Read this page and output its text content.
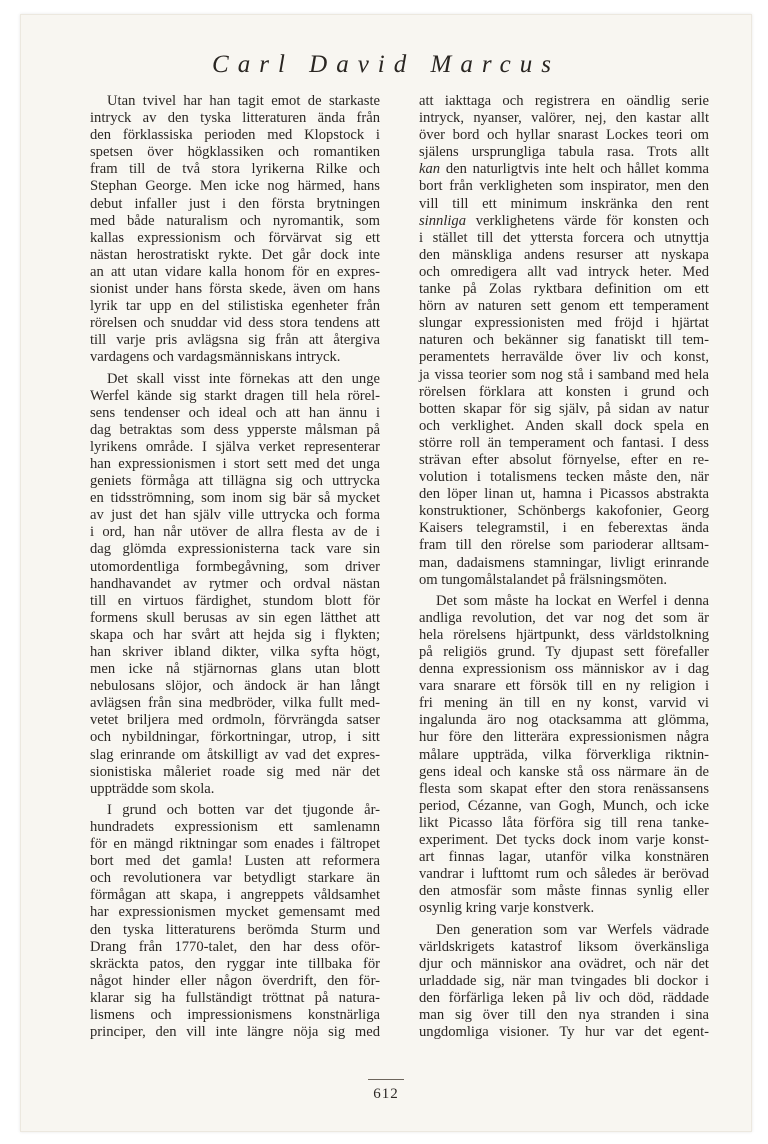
Carl David Marcus
Utan tvivel har han tagit emot de starkaste
intryck av den tyska litteraturen ända från
den förklassiska perioden med Klopstock i
spetsen över högklassiken och romantiken
fram till de två stora lyrikerna Rilke och
Stephan George. Men icke nog härmed, hans
debut infaller just i den första brytningen
med både naturalism och nyromantik, som
kallas expressionism och förvärvat sig ett
nästan herostratiskt rykte. Det går dock inte
an att utan vidare kalla honom för en expres-
sionist under hans första skede, även om hans
lyrik tar upp en del stilistiska egenheter från
rörelsen och snuddar vid dess stora tendens att
till varje pris avlägsna sig från att återgiva
vardagens och vardagsmänniskans intryck.
Det skall visst inte förnekas att den unge
Werfel kände sig starkt dragen till hela rörel-
sens tendenser och ideal och att han ännu i
dag betraktas som dess ypperste målsman på
lyrikens område. I själva verket representerar
han expressionismen i stort sett med det unga
geniets förmåga att tillägna sig och uttrycka
en tidsströmning, som inom sig bär så mycket
av just det han själv ville uttrycka och forma
i ord, han når utöver de allra flesta av de i
dag glömda expressionisterna tack vare sin
utomordentliga formbegåvning, som driver
handhavandet av rytmer och ordval nästan
till en virtuos färdighet, stundom blott för
formens skull berusas av sin egen lätthet att
skapa och har svårt att hejda sig i flykten;
han skriver ibland dikter, vilka syfta högt,
men icke nå stjärnornas glans utan blott
nebulosans slöjor, och ändock är han långt
avlägsen från sina medbröder, vilka fullt med-
vetet briljera med ordmoln, förvrängda satser
och nybildningar, förkortningar, utrop, i sitt
slag erinrande om åtskilligt av vad det expres-
sionistiska måleriet roade sig med när det
uppträdde som skola.
I grund och botten var det tjugonde år-
hundradets expressionism ett samlenamn
för en mängd riktningar som enades i fältropet
bort med det gamla! Lusten att reformera
och revolutionera var betydligt starkare än
förmågan att skapa, i angreppets våldsamhet
har expressionismen mycket gemensamt med
den tyska litteraturens berömda Sturm und
Drang från 1770-talet, den har dess oför-
skräckta patos, den ryggar inte tillbaka för
något hinder eller någon överdrift, den för-
klarar sig ha fullständigt tröttnat på natura-
lismens och impressionismens konstnärliga
principer, den vill inte längre nöja sig med
att iakttaga och registrera en oändlig serie
intryck, nyanser, valörer, nej, den kastar allt
över bord och hyllar snarast Lockes teori om
själens ursprungliga tabula rasa. Trots allt
kan den naturligtvis inte helt och hållet komma
bort från verkligheten som inspirator, men den
vill till ett minimum inskränka den rent
sinnliga verklighetens värde för konsten och
i stället till det yttersta forcera och utnyttja
den mänskliga andens resurser att nyskapa
och omredigera allt vad intryck heter. Med
tanke på Zolas ryktbara definition om ett
hörn av naturen sett genom ett temperament
slungar expressionisten med fröjd i hjärtat
naturen och bekänner sig fanatiskt till tem-
peramentets herravälde över liv och konst,
ja vissa teorier som nog stå i samband med hela
rörelsen förklara att konsten i grund och
botten skapar för sig själv, på sidan av natur
och verklighet. Anden skall dock spela en
större roll än temperament och fantasi. I dess
strävan efter absolut förnyelse, efter en re-
volution i totalismens tecken måste den, när
den löper linan ut, hamna i Picassos abstrakta
konstruktioner, Schönbergs kakofonier, Georg
Kaisers telegramstil, i en feberextas ända
fram till den rörelse som parioderar alltsam-
man, dadaismens stamningar, livligt erinrande
om tungomålstalandet på frälsningsmöten.
Det som måste ha lockat en Werfel i denna
andliga revolution, det var nog det som är
hela rörelsens hjärtpunkt, dess världstolkning
på religiös grund. Ty djupast sett förefaller
denna expressionism oss människor av i dag
vara snarare ett försök till en ny religion i
fri mening än till en ny konst, varvid vi
ingalunda äro nog otacksamma att glömma,
hur före den litterära expressionismen några
målare uppträda, vilka förverkliga riktnin-
gens ideal och kanske stå oss närmare än de
flesta som skapat efter den stora renässansens
period, Cézanne, van Gogh, Munch, och icke
likt Picasso låta förföra sig till rena tanke-
experiment. Det tycks dock inom varje konst-
art finnas lagar, utanför vilka konstnären
vandrar i lufttomt rum och således är berövad
den atmosfär som måste finnas synlig eller
osynlig kring varje konstverk.
Den generation som var Werfels vädrade
världskrigets katastrof liksom överkänsliga
djur och människor ana ovädret, och när det
urladdade sig, när man tvingades bli dockor i
den förfärliga leken på liv och död, räddade
man sig över till den nya stranden i sina
ungdomliga visioner. Ty hur var det egent-
612
